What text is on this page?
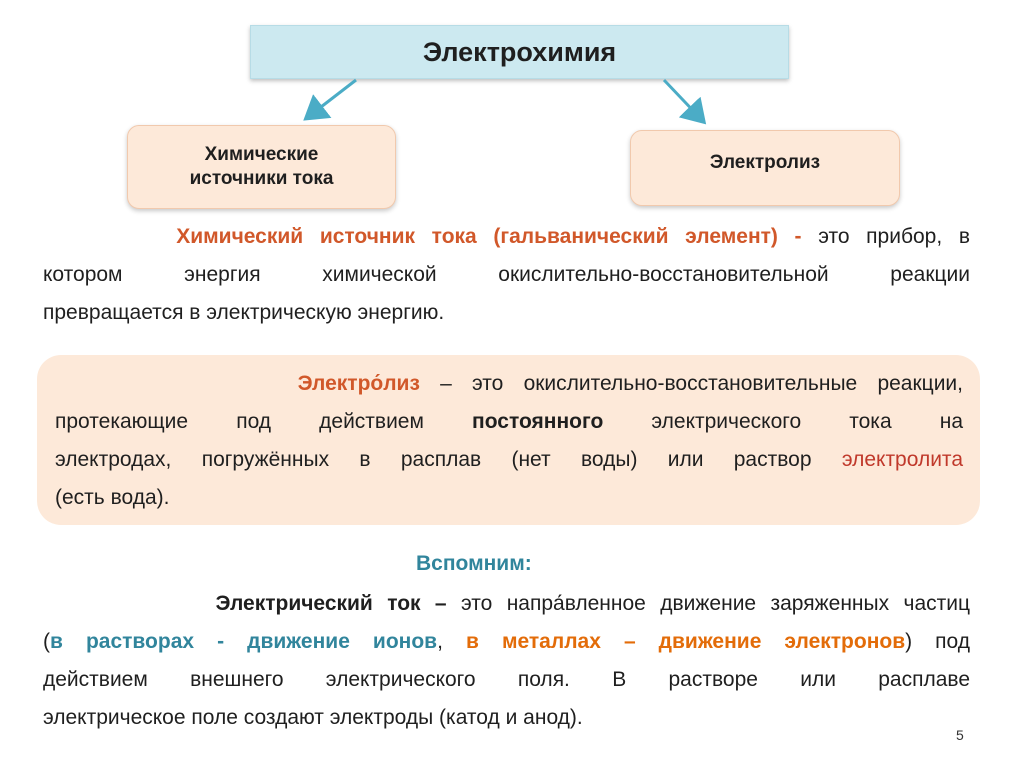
Электрохимия
Химические
источники тока
Электролиз
Химический источник тока (гальванический элемент) - это прибор, в
котором энергия химической окислительно-восстановительной реакции
превращается в электрическую энергию.
Электро́лиз – это окислительно-восстановительные реакции,
протекающие под действием постоянного электрического тока на
электродах, погружённых в расплав (нет воды) или раствор электролита
(есть вода).
Вспомним:
Электрический ток – это напра́вленное движение заряженных частиц
(в растворах - движение ионов, в металлах – движение электронов) под
действием внешнего электрического поля. В растворе или расплаве
электрическое поле создают электроды (катод и анод).
5
